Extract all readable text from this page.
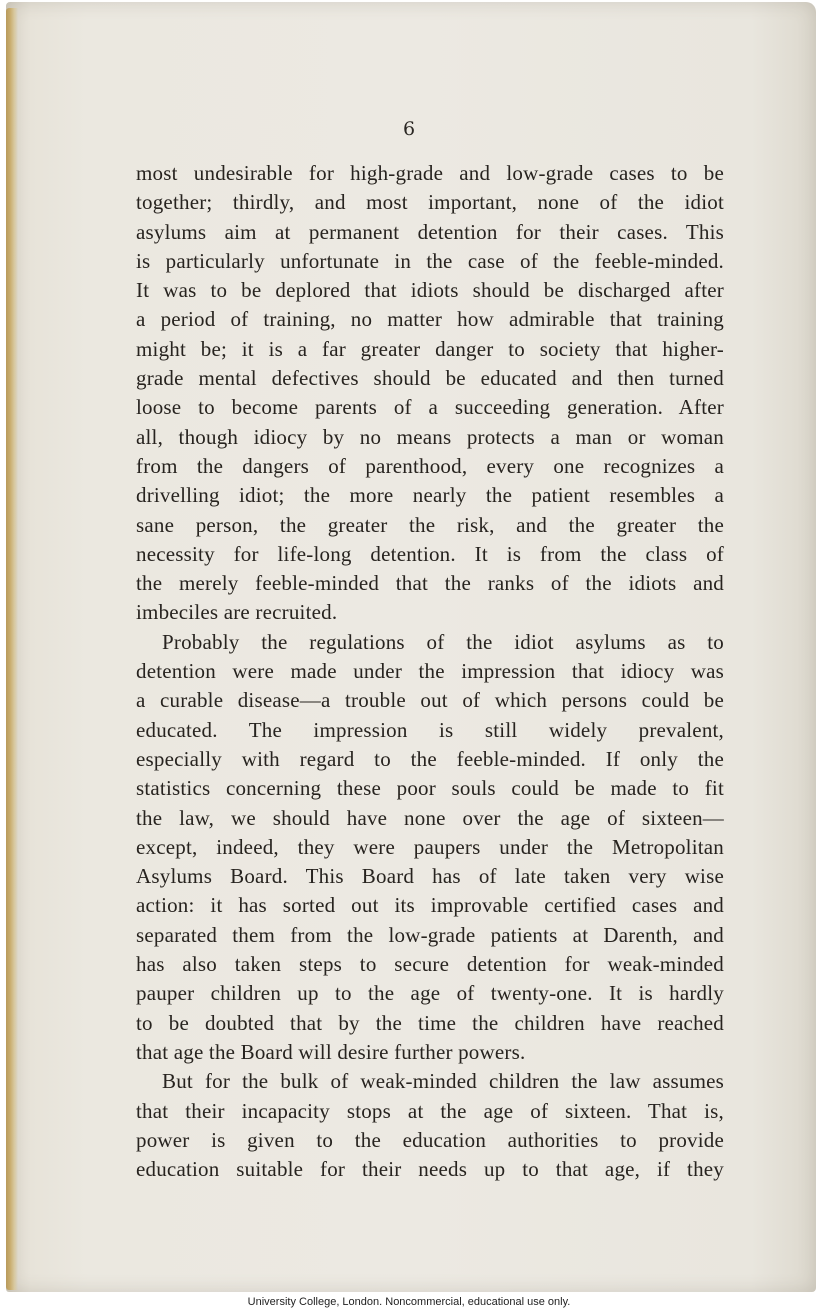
6
most undesirable for high-grade and low-grade cases to be
together; thirdly, and most important, none of the idiot
asylums aim at permanent detention for their cases. This
is particularly unfortunate in the case of the feeble-minded.
It was to be deplored that idiots should be discharged after
a period of training, no matter how admirable that training
might be; it is a far greater danger to society that higher-
grade mental defectives should be educated and then turned
loose to become parents of a succeeding generation. After
all, though idiocy by no means protects a man or woman
from the dangers of parenthood, every one recognizes a
drivelling idiot; the more nearly the patient resembles a
sane person, the greater the risk, and the greater the
necessity for life-long detention. It is from the class of
the merely feeble-minded that the ranks of the idiots and
imbeciles are recruited.
Probably the regulations of the idiot asylums as to
detention were made under the impression that idiocy was
a curable disease—a trouble out of which persons could be
educated. The impression is still widely prevalent,
especially with regard to the feeble-minded. If only the
statistics concerning these poor souls could be made to fit
the law, we should have none over the age of sixteen—
except, indeed, they were paupers under the Metropolitan
Asylums Board. This Board has of late taken very wise
action: it has sorted out its improvable certified cases and
separated them from the low-grade patients at Darenth, and
has also taken steps to secure detention for weak-minded
pauper children up to the age of twenty-one. It is hardly
to be doubted that by the time the children have reached
that age the Board will desire further powers.
But for the bulk of weak-minded children the law assumes
that their incapacity stops at the age of sixteen. That is,
power is given to the education authorities to provide
education suitable for their needs up to that age, if they
University College, London. Noncommercial, educational use only.
